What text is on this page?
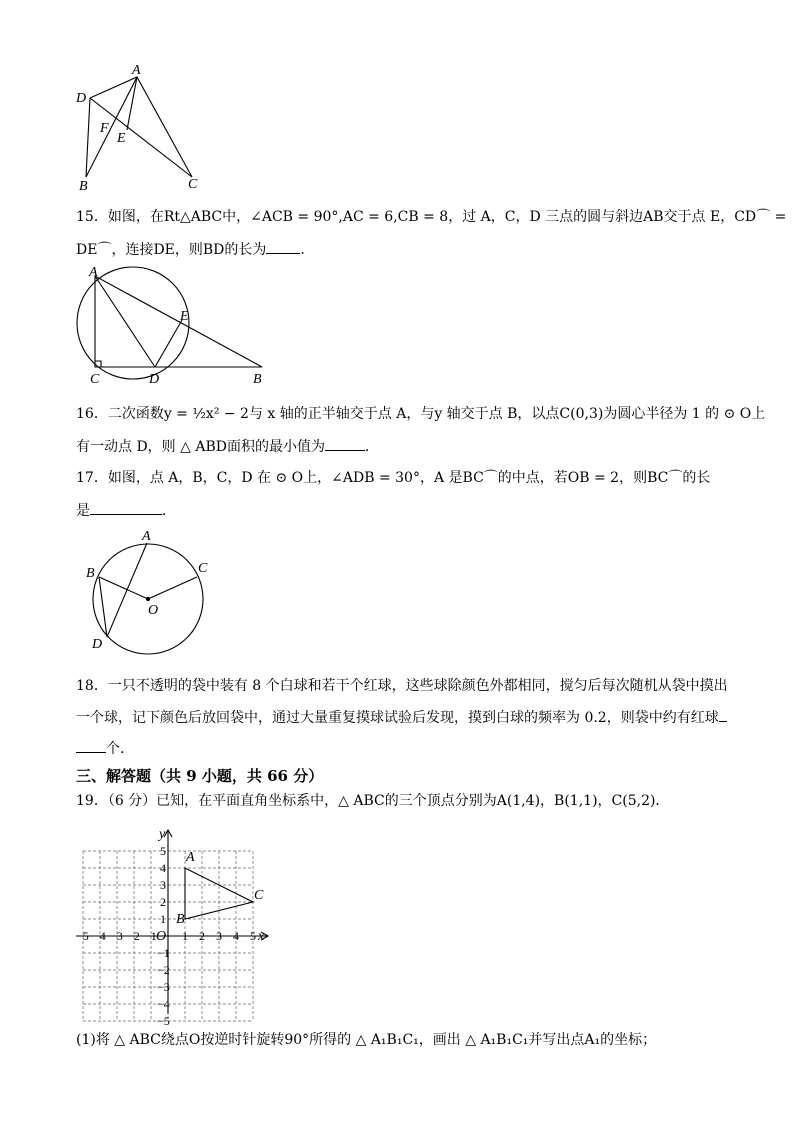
A
D
F
E
B	C
15．如图，在Rt△ABC中，∠ACB = 90°,AC = 6,CB = 8，过 A，C，D 三点的圆与斜边AB交于点 E，CD⌒ =
DE⌒，连接DE，则BD的长为 ．
A
E
C	D	B
16．二次函数y = ½x² − 2与 x 轴的正半轴交于点 A，与y 轴交于点 B，以点C(0,3)为圆心半径为 1 的 ⊙ O上
有一动点 D，则 △ ABD面积的最小值为	．
17．如图，点 A，B，C，D 在 ⊙ O上，∠ADB = 30°，A 是BC⌒的中点，若OB = 2，则BC⌒的长
是	．
A
B	C
O
D
18．一只不透明的袋中装有 8 个白球和若干个红球，这些球除颜色外都相同，搅匀后每次随机从袋中摸出
一个球，记下颜色后放回袋中，通过大量重复摸球试验后发现，摸到白球的频率为 0.2，则袋中约有红球
个．
三、解答题（共 9 小题，共 66 分）
19．（6 分）已知，在平面直角坐标系中，△ ABC的三个顶点分别为A(1,4)，B(1,1)，C(5,2)．
x
y
O
−5 −4 −3 −2 −1 1 2 3 4 5
5
4
3
2
1
−1
−2
−3
−4
−5
A
B
C
(1)将 △ ABC绕点O按逆时针旋转90°所得的 △ A₁B₁C₁，画出 △ A₁B₁C₁并写出点A₁的坐标；
